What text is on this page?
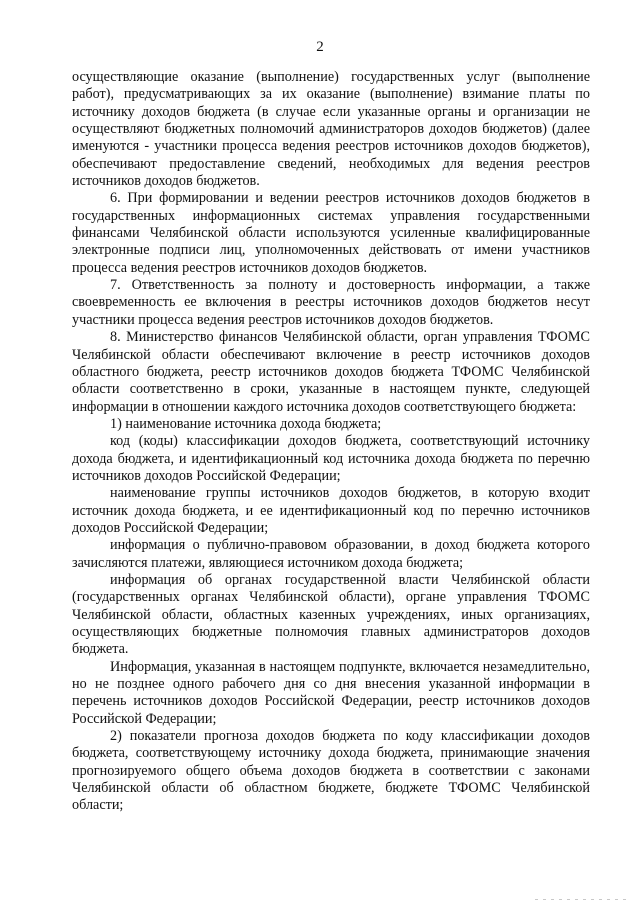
2

осуществляющие оказание (выполнение) государственных услуг (выполнение работ), предусматривающих за их оказание (выполнение) взимание платы по источнику доходов бюджета (в случае если указанные органы и организации не осуществляют бюджетных полномочий администраторов доходов бюджетов) (далее именуются - участники процесса ведения реестров источников доходов бюджетов), обеспечивают предоставление сведений, необходимых для ведения реестров источников доходов бюджетов.

6. При формировании и ведении реестров источников доходов бюджетов в государственных информационных системах управления государственными финансами Челябинской области используются усиленные квалифицированные электронные подписи лиц, уполномоченных действовать от имени участников процесса ведения реестров источников доходов бюджетов.

7. Ответственность за полноту и достоверность информации, а также своевременность ее включения в реестры источников доходов бюджетов несут участники процесса ведения реестров источников доходов бюджетов.

8. Министерство финансов Челябинской области, орган управления ТФОМС Челябинской области обеспечивают включение в реестр источников доходов областного бюджета, реестр источников доходов бюджета ТФОМС Челябинской области соответственно в сроки, указанные в настоящем пункте, следующей информации в отношении каждого источника доходов соответствующего бюджета:

1) наименование источника дохода бюджета;

код (коды) классификации доходов бюджета, соответствующий источнику дохода бюджета, и идентификационный код источника дохода бюджета по перечню источников доходов Российской Федерации;

наименование группы источников доходов бюджетов, в которую входит источник дохода бюджета, и ее идентификационный код по перечню источников доходов Российской Федерации;

информация о публично-правовом образовании, в доход бюджета которого зачисляются платежи, являющиеся источником дохода бюджета;

информация об органах государственной власти Челябинской области (государственных органах Челябинской области), органе управления ТФОМС Челябинской области, областных казенных учреждениях, иных организациях, осуществляющих бюджетные полномочия главных администраторов доходов бюджета.

Информация, указанная в настоящем подпункте, включается незамедлительно, но не позднее одного рабочего дня со дня внесения указанной информации в перечень источников доходов Российской Федерации, реестр источников доходов Российской Федерации;

2) показатели прогноза доходов бюджета по коду классификации доходов бюджета, соответствующему источнику дохода бюджета, принимающие значения прогнозируемого общего объема доходов бюджета в соответствии с законами Челябинской области об областном бюджете, бюджете ТФОМС Челябинской области;
